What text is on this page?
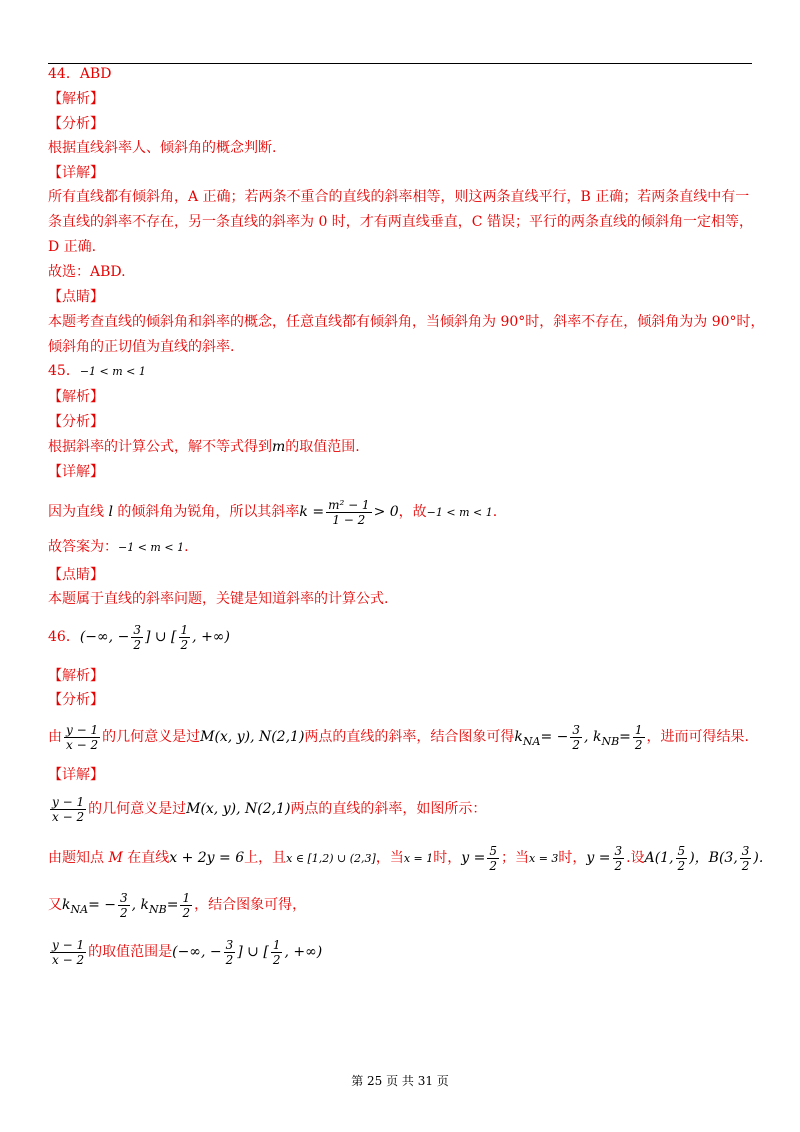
44．ABD
【解析】
【分析】
根据直线斜率人、倾斜角的概念判断.
【详解】
所有直线都有倾斜角，A 正确；若两条不重合的直线的斜率相等，则这两条直线平行，B 正确；若两条直线中有一
条直线的斜率不存在，另一条直线的斜率为 0 时，才有两直线垂直，C 错误；平行的两条直线的倾斜角一定相等，
D 正确.
故选：ABD.
【点睛】
本题考查直线的倾斜角和斜率的概念，任意直线都有倾斜角，当倾斜角为 90°时，斜率不存在，倾斜角为为 90°时，
倾斜角的正切值为直线的斜率.
45．−1 < m < 1
【解析】
【分析】
根据斜率的计算公式，解不等式得到m的取值范围.
【详解】
因为直线 l 的倾斜角为锐角，所以其斜率$k = \frac{\text{m² − 1}}{1 - 2} > 0$，故−1 < m < 1.
故答案为：−1 < m < 1.
【点睛】
本题属于直线的斜率问题，关键是知道斜率的计算公式.
46．(−∞, − $\frac{3}{2}$ ] ∪ [ $\frac{1}{2}$ , +∞)
【解析】
【分析】
由 $\frac{y - 1}{x - 2}$ 的几何意义是过M(x, y), N(2,1)两点的直线的斜率，结合图象可得$k_{NA}= - \frac{3}{2}$ , $k_{NB}= \frac{1}{2}$ ，进而可得结果.
【详解】
$\frac{y - 1}{x - 2}$ 的几何意义是过M(x, y), N(2,1)两点的直线的斜率，如图所示：
由题知点 M 在直线x + 2y = 6上，且x ∈ [1,2) ∪ (2,3]，当x = 1时，$y = \frac{5}{2}$ ；当x = 3时，$y = \frac{3}{2}$ .设A(1, $\frac{5}{2}$ )，B(3, $\frac{3}{2}$ ).
又$k_{NA}= - \frac{3}{2}$ , $k_{NB}= \frac{1}{2}$ ，结合图象可得，
$\frac{y - 1}{x - 2}$ 的取值范围是(−∞, − $\frac{3}{2}$ ] ∪ [ $\frac{1}{2}$ , +∞)
第 25 页 共 31 页
